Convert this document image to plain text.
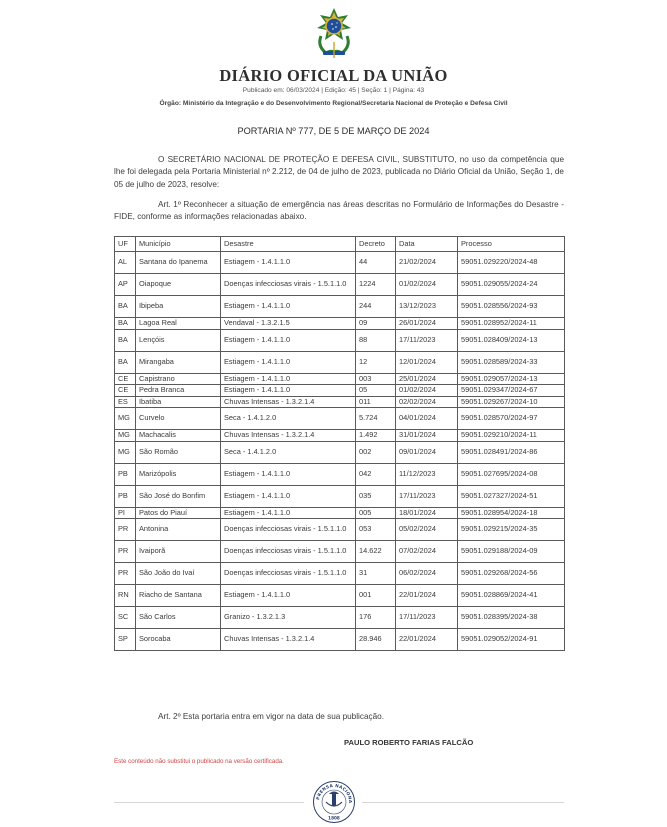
DIÁRIO OFICIAL DA UNIÃO
Publicado em: 06/03/2024 | Edição: 45 | Seção: 1 | Página: 43
Órgão: Ministério da Integração e do Desenvolvimento Regional/Secretaria Nacional de Proteção e Defesa Civil
PORTARIA Nº 777, DE 5 DE MARÇO DE 2024

O SECRETÁRIO NACIONAL DE PROTEÇÃO E DEFESA CIVIL, SUBSTITUTO, no uso da competência que lhe foi delegada pela Portaria Ministerial nº 2.212, de 04 de julho de 2023, publicada no Diário Oficial da União, Seção 1, de 05 de julho de 2023, resolve:

Art. 1º Reconhecer a situação de emergência nas áreas descritas no Formulário de Informações do Desastre - FIDE, conforme as informações relacionadas abaixo.

UF	Município	Desastre	Decreto	Data	Processo
AL	Santana do Ipanema	Estiagem - 1.4.1.1.0	44	21/02/2024	59051.029220/2024-48
AP	Oiapoque	Doenças infecciosas virais - 1.5.1.1.0	1224	01/02/2024	59051.029055/2024-24
BA	Ibipeba	Estiagem - 1.4.1.1.0	244	13/12/2023	59051.028556/2024-93
BA	Lagoa Real	Vendaval - 1.3.2.1.5	09	26/01/2024	59051.028952/2024-11
BA	Lençóis	Estiagem - 1.4.1.1.0	88	17/11/2023	59051.028409/2024-13
BA	Mirangaba	Estiagem - 1.4.1.1.0	12	12/01/2024	59051.028589/2024-33
CE	Capistrano	Estiagem - 1.4.1.1.0	003	25/01/2024	59051.029057/2024-13
CE	Pedra Branca	Estiagem - 1.4.1.1.0	05	01/02/2024	59051.029347/2024-67
ES	Ibatiba	Chuvas Intensas - 1.3.2.1.4	011	02/02/2024	59051.029267/2024-10
MG	Curvelo	Seca - 1.4.1.2.0	5.724	04/01/2024	59051.028570/2024-97
MG	Machacalis	Chuvas Intensas - 1.3.2.1.4	1.492	31/01/2024	59051.029210/2024-11
MG	São Romão	Seca - 1.4.1.2.0	002	09/01/2024	59051.028491/2024-86
PB	Marizópolis	Estiagem - 1.4.1.1.0	042	11/12/2023	59051.027695/2024-08
PB	São José do Bonfim	Estiagem - 1.4.1.1.0	035	17/11/2023	59051.027327/2024-51
PI	Patos do Piauí	Estiagem - 1.4.1.1.0	005	18/01/2024	59051.028954/2024-18
PR	Antonina	Doenças infecciosas virais - 1.5.1.1.0	053	05/02/2024	59051.029215/2024-35
PR	Ivaiporã	Doenças infecciosas virais - 1.5.1.1.0	14.622	07/02/2024	59051.029188/2024-09
PR	São João do Ivaí	Doenças infecciosas virais - 1.5.1.1.0	31	06/02/2024	59051.029268/2024-56
RN	Riacho de Santana	Estiagem - 1.4.1.1.0	001	22/01/2024	59051.028869/2024-41
SC	São Carlos	Granizo - 1.3.2.1.3	176	17/11/2023	59051.028395/2024-38
SP	Sorocaba	Chuvas Intensas - 1.3.2.1.4	28.946	22/01/2024	59051.029052/2024-91
Art. 2º Esta portaria entra em vigor na data de sua publicação.
PAULO ROBERTO FARIAS FALCÃO
Este conteúdo não substitui o publicado na versão certificada.
PRENSA NACIONA
1808
